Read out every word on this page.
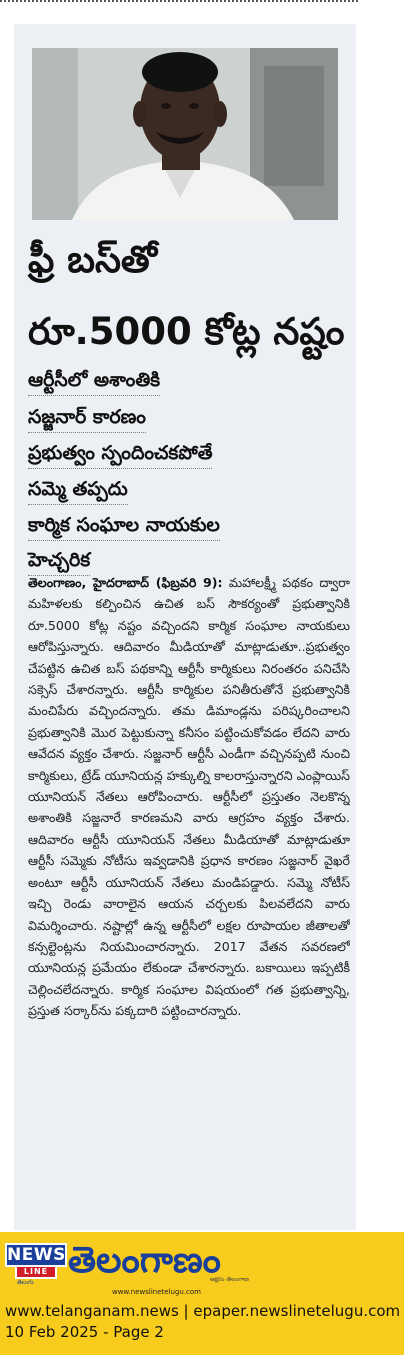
ఫ్రీ బస్‌తో
రూ.5000 కోట్ల నష్టం
ఆర్టీసీలో అశాంతికి
సజ్జనార్ కారణం
ప్రభుత్వం స్పందించకపోతే
సమ్మె తప్పదు
కార్మిక సంఘాల నాయకుల
హెచ్చరిక
తెలంగాణం, హైదరాబాద్ (ఫిబ్రవరి 9): మహాలక్ష్మీ పథకం ద్వారా మహిళలకు కల్పించిన ఉచిత బస్ సౌకర్యంతో ప్రభుత్వానికి రూ.5000 కోట్ల నష్టం వచ్చిందని కార్మిక సంఘాల నాయకులు ఆరోపిస్తున్నారు. ఆదివారం మీడియాతో మాట్లాడుతూ..ప్రభుత్వం చేపట్టిన ఉచిత బస్ పథకాన్ని ఆర్టీసీ కార్మికులు నిరంతరం పనిచేసి సక్సెస్ చేశారన్నారు. ఆర్టీసీ కార్మికుల పనితీరుతోనే ప్రభుత్వానికి మంచిపేరు వచ్చిందన్నారు. తమ డిమాండ్లను పరిష్కరించాలని ప్రభుత్వానికి మొర పెట్టుకున్నా కనీసం పట్టించుకోవడం లేదని వారు ఆవేదన వ్యక్తం చేశారు. సజ్జనార్ ఆర్టీసీ ఎండీగా వచ్చినప్పటి నుంచి కార్మికులు, ట్రేడ్ యూనియన్ల హక్కుల్ని కాలరాస్తున్నారని ఎంప్లాయిస్ యూనియన్ నేతలు ఆరోపించారు. ఆర్టీసీలో ప్రస్తుతం నెలకొన్న అశాంతికి సజ్జనారే కారణమని వారు ఆగ్రహం వ్యక్తం చేశారు. ఆదివారం ఆర్టీసీ యూనియన్ నేతలు మీడియాతో మాట్లాడుతూ ఆర్టీసీ సమ్మెకు నోటీసు ఇవ్వడానికి ప్రధాన కారణం సజ్జనార్ వైఖరే అంటూ ఆర్టీసీ యూనియన్ నేతలు మండిపడ్డారు. సమ్మె నోటీస్ ఇచ్చి రెండు వారాలైన ఆయన చర్చలకు పిలవలేదని వారు విమర్శించారు. నష్టాల్లో ఉన్న ఆర్టీసీలో లక్షల రూపాయల జీతాలతో కన్సల్టెంట్లను నియమించారన్నారు. 2017 వేతన సవరణలో యూనియన్ల ప్రమేయం లేకుండా చేశారన్నారు. బకాయిలు ఇప్పటికీ చెల్లించలేదన్నారు. కార్మిక సంఘాల విషయంలో గత ప్రభుత్వాన్ని, ప్రస్తుత సర్కార్‌ను పక్కదారి పట్టించారన్నారు.
NEWS
LINE
తెలుగు
తెలంగాణం
ఆక్షరం తెలంగాణ
www.newslinetelugu.com
www.telanganam.news | epaper.newslinetelugu.com
10 Feb 2025 - Page 2
